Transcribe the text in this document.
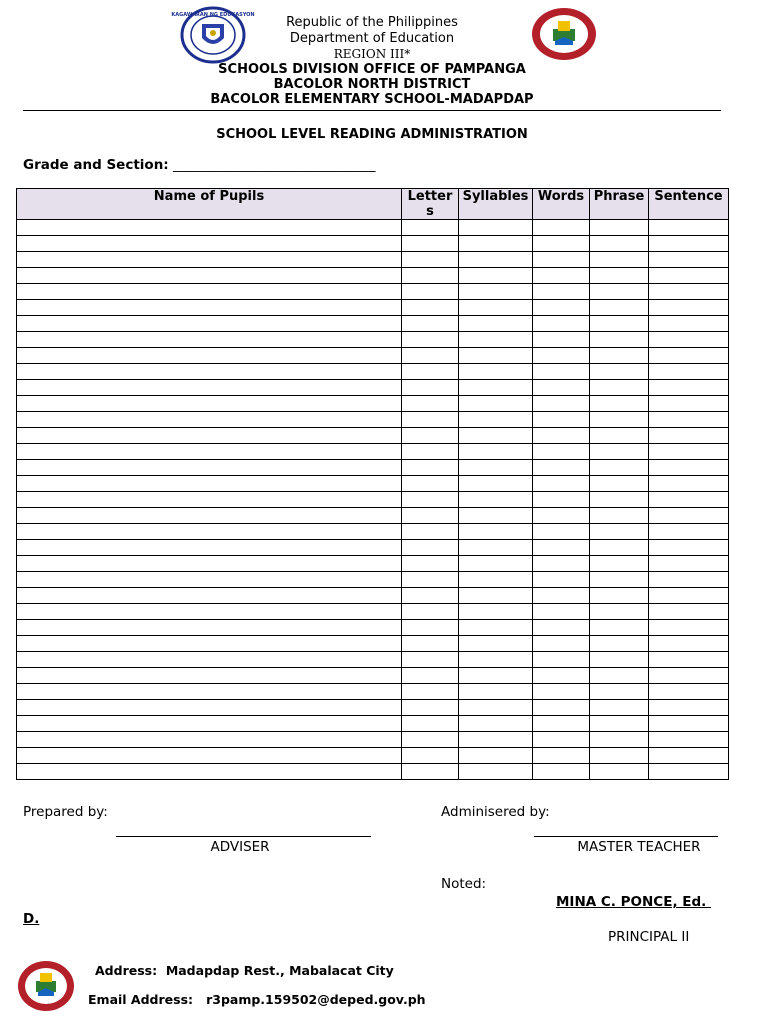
KAGAWARAN NG EDUKASYON	Republic of the Philippines
Department of Education
REGION III*
SCHOOLS DIVISION OFFICE OF PAMPANGA
BACOLOR NORTH DISTRICT
BACOLOR ELEMENTARY SCHOOL-MADAPDAP
SCHOOL LEVEL READING ADMINISTRATION
Grade and Section: ______________________________
Name of Pupils	Letters	Syllables	Words	Phrase	Sentence

Prepared by:
ADVISER
Adminisered by:
MASTER TEACHER
Noted:
MINA C. PONCE, Ed.
D.
PRINCIPAL II
Address: Madapdap Rest., Mabalacat City
Email Address: r3pamp.159502@deped.gov.ph
